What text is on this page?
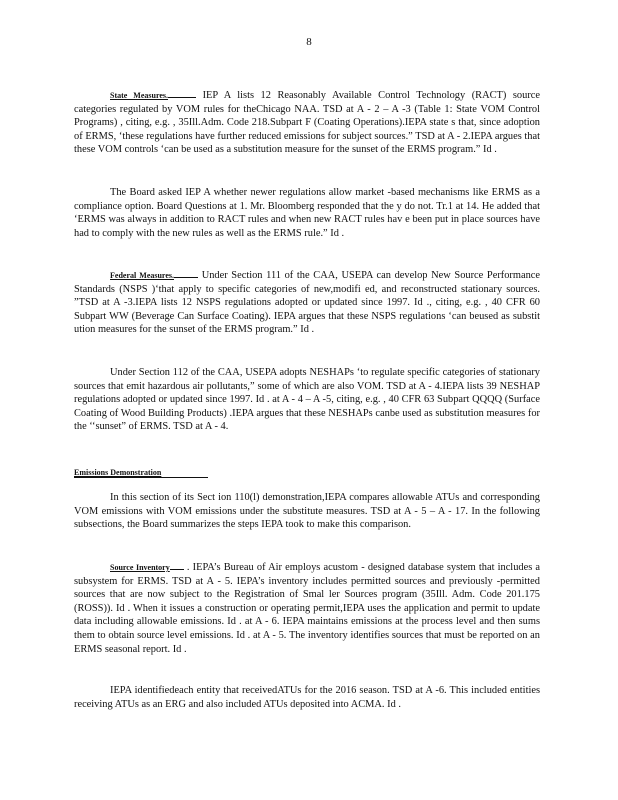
8

State Measures.	IEP A lists 12 Reasonably Available Control Technology (RACT) source categories regulated by VOM rules for theChicago NAA. TSD at A - 2 – A -3 (Table 1: State VOM Control Programs) , citing, e.g. , 35Ill.Adm. Code 218.Subpart F (Coating Operations).IEPA state s that, since adoption of ERMS, ‘these regulations have further reduced emissions for subject sources.” TSD at A - 2.IEPA argues that these VOM controls ‘can be used as a substitution measure for the sunset of the ERMS program.” Id .

The Board asked IEP A whether newer regulations allow market -based mechanisms like ERMS as a compliance option. Board Questions at 1. Mr. Bloomberg responded that the y do not. Tr.1 at 14. He added that ‘ERMS was always in addition to RACT rules and when new RACT rules hav e been put in place sources have had to comply with the new rules as well as the ERMS rule.” Id .

Federal Measures.	Under Section 111 of the CAA, USEPA can develop New Source Performance Standards (NSPS )‘that apply to specific categories of new,modifi ed, and reconstructed stationary sources. ”TSD at A -3.IEPA lists 12 NSPS regulations adopted or updated since 1997. Id ., citing, e.g. , 40 CFR 60 Subpart WW (Beverage Can Surface Coating). IEPA argues that these NSPS regulations ‘can beused as substit ution measures for the sunset of the ERMS program.” Id .

Under Section 112 of the CAA, USEPA adopts NESHAPs ‘to regulate specific categories of stationary sources that emit hazardous air pollutants,” some of which are also VOM. TSD at A - 4.IEPA lists 39 NESHAP regulations adopted or updated since 1997. Id . at A - 4 – A -5, citing, e.g. , 40 CFR 63 Subpart QQQQ (Surface Coating of Wood Building Products) .IEPA argues that these NESHAPs canbe used as substitution measures for the ‘‘sunset” of ERMS. TSD at A - 4.

Emissions Demonstration

In this section of its Sect ion 110(l) demonstration,IEPA compares allowable ATUs and corresponding VOM emissions with VOM emissions under the substitute measures. TSD at A - 5 – A - 17. In the following subsections, the Board summarizes the steps IEPA took to make this comparison.

Source Inventory . IEPA’s Bureau of Air employs acustom - designed database system that includes a subsystem for ERMS. TSD at A - 5. IEPA’s inventory includes permitted sources and previously -permitted sources that are now subject to the Registration of Smal ler Sources program (35Ill. Adm. Code 201.175 (ROSS)). Id . When it issues a construction or operating permit,IEPA uses the application and permit to update data including allowable emissions. Id . at A - 6. IEPA maintains emissions at the process level and then sums them to obtain source level emissions. Id . at A - 5. The inventory identifies sources that must be reported on an ERMS seasonal report. Id .

IEPA identifiedeach entity that receivedATUs for the 2016 season. TSD at A -6. This included entities receiving ATUs as an ERG and also included ATUs deposited into ACMA. Id .
